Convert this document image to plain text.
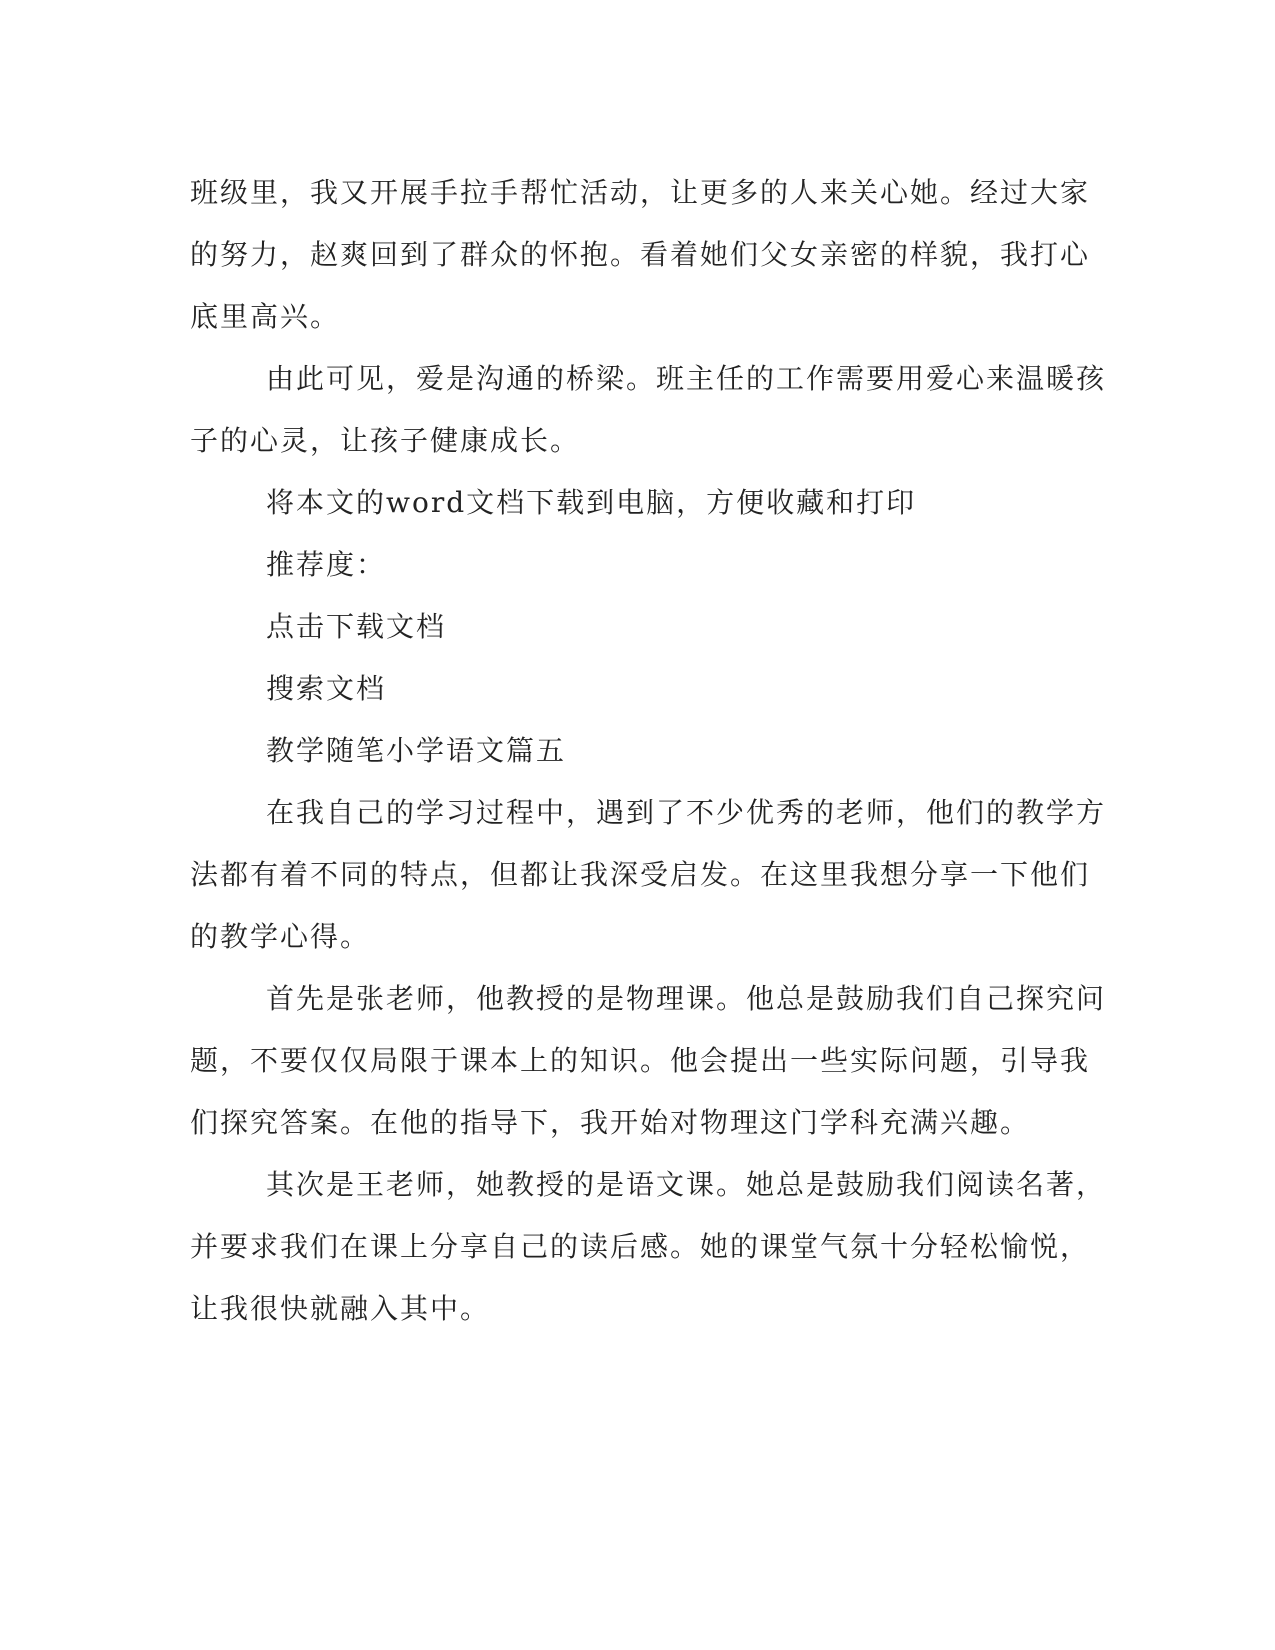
班级里，我又开展手拉手帮忙活动，让更多的人来关心她。经过大家
的努力，赵爽回到了群众的怀抱。看着她们父女亲密的样貌，我打心
底里高兴。

由此可见，爱是沟通的桥梁。班主任的工作需要用爱心来温暖孩
子的心灵，让孩子健康成长。

将本文的word文档下载到电脑，方便收藏和打印

推荐度：

点击下载文档

搜索文档

教学随笔小学语文篇五

在我自己的学习过程中，遇到了不少优秀的老师，他们的教学方
法都有着不同的特点，但都让我深受启发。在这里我想分享一下他们
的教学心得。

首先是张老师，他教授的是物理课。他总是鼓励我们自己探究问
题，不要仅仅局限于课本上的知识。他会提出一些实际问题，引导我
们探究答案。在他的指导下，我开始对物理这门学科充满兴趣。

其次是王老师，她教授的是语文课。她总是鼓励我们阅读名著，
并要求我们在课上分享自己的读后感。她的课堂气氛十分轻松愉悦，
让我很快就融入其中。
